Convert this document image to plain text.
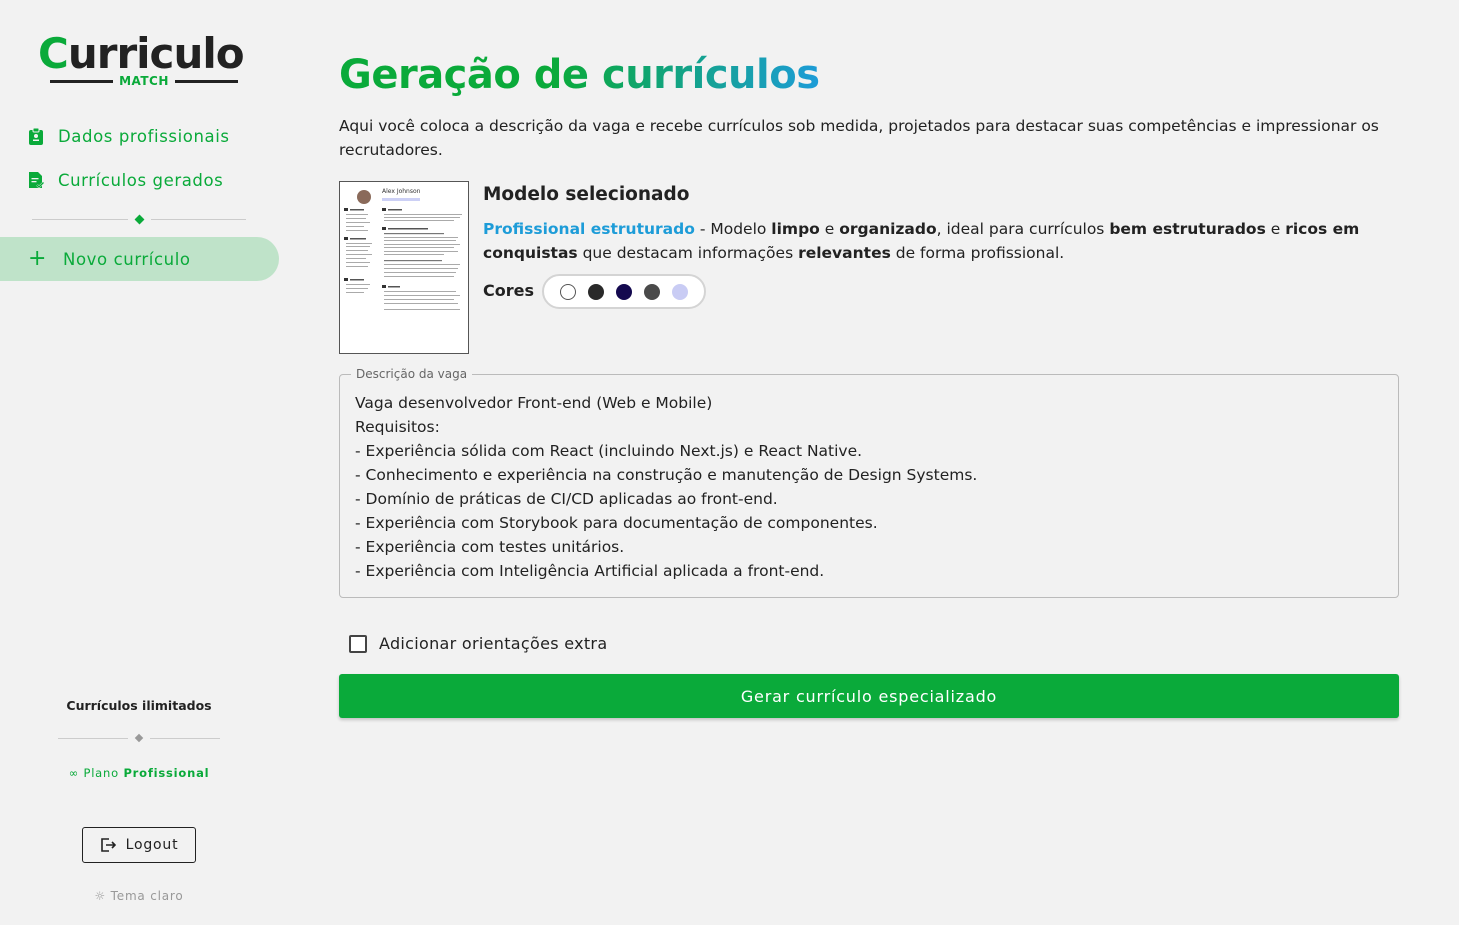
Curriculo
MATCH
Dados profissionais
Currículos gerados
+ Novo currículo
Currículos ilimitados
∞ Plano Profissional
Logout
☼ Tema claro
Geração de currículos

Aqui você coloca a descrição da vaga e recebe currículos sob medida, projetados para destacar suas competências e impressionar os recrutadores.

Alex Johnson	Modelo selecionado

Profissional estruturado - Modelo limpo e organizado, ideal para currículos bem estruturados e ricos em conquistas que destacam informações relevantes de forma profissional.

Cores
Descrição da vaga
Vaga desenvolvedor Front-end (Web e Mobile)
Requisitos:
- Experiência sólida com React (incluindo Next.js) e React Native.
- Conhecimento e experiência na construção e manutenção de Design Systems.
- Domínio de práticas de CI/CD aplicadas ao front-end.
- Experiência com Storybook para documentação de componentes.
- Experiência com testes unitários.
- Experiência com Inteligência Artificial aplicada a front-end.
Adicionar orientações extra
Gerar currículo especializado
